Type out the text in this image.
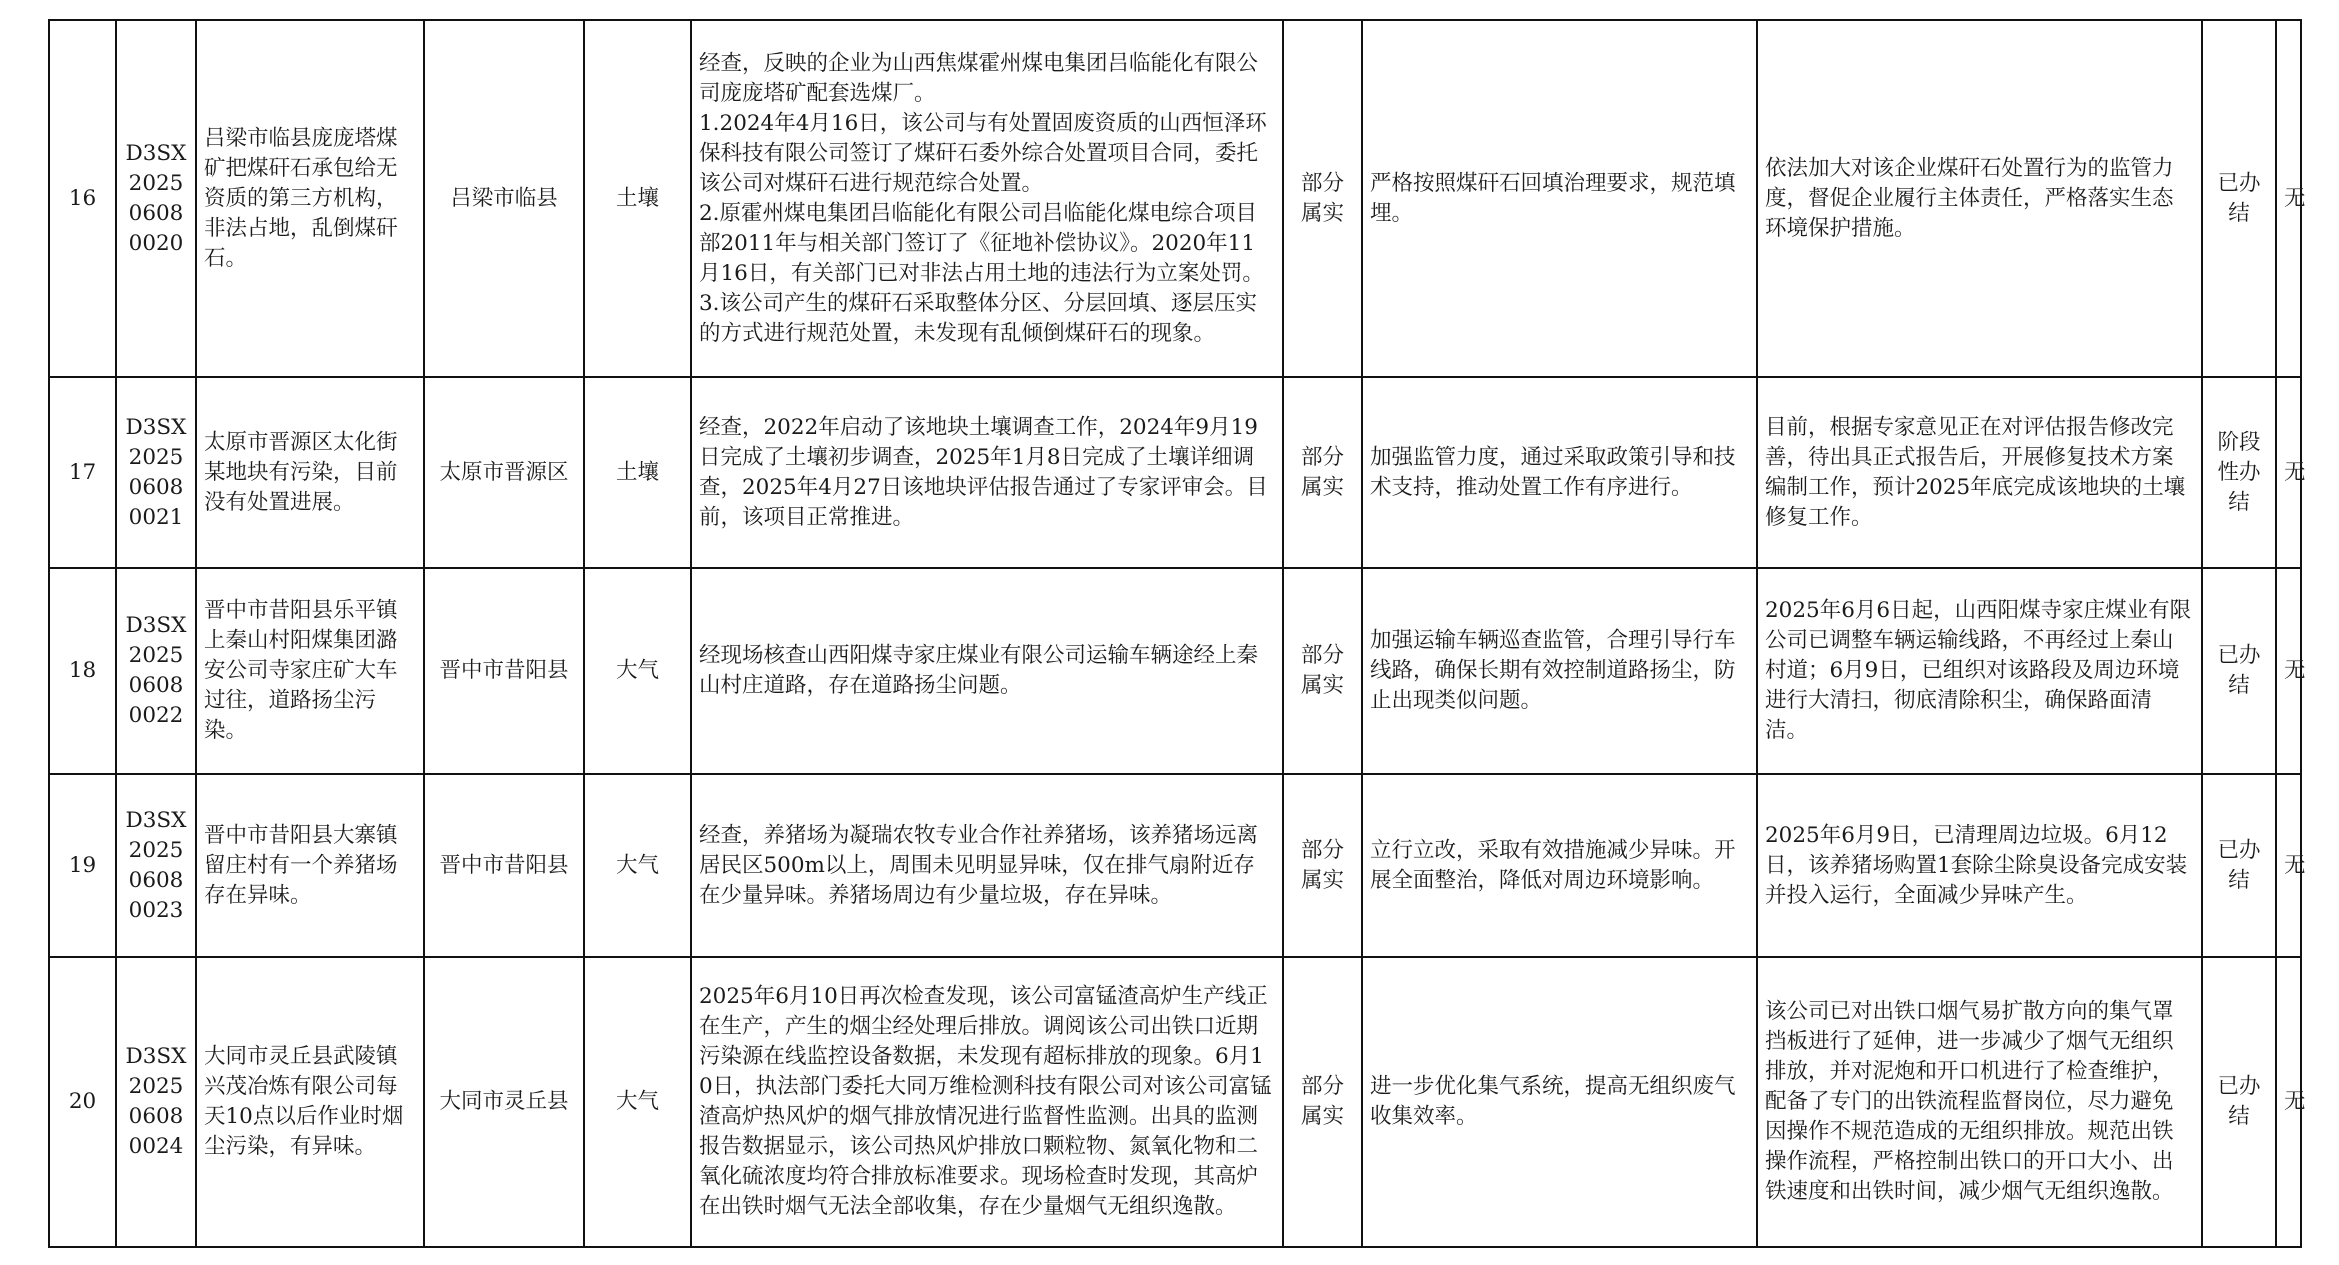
16	D3SX20250608 0020	吕梁市临县庞庞塔煤矿把煤矸石承包给无资质的第三方机构，非法占地，乱倒煤矸石。	吕梁市临县	土壤	经查，反映的企业为山西焦煤霍州煤电集团吕临能化有限公司庞庞塔矿配套选煤厂。
1.2024年4月16日，该公司与有处置固废资质的山西恒泽环保科技有限公司签订了煤矸石委外综合处置项目合同，委托该公司对煤矸石进行规范综合处置。
2.原霍州煤电集团吕临能化有限公司吕临能化煤电综合项目部2011年与相关部门签订了《征地补偿协议》。2020年11月16日，有关部门已对非法占用土地的违法行为立案处罚。
3.该公司产生的煤矸石采取整体分区、分层回填、逐层压实的方式进行规范处置，未发现有乱倾倒煤矸石的现象。	部分属实	严格按照煤矸石回填治理要求，规范填埋。	依法加大对该企业煤矸石处置行为的监管力度，督促企业履行主体责任，严格落实生态环境保护措施。	已办结	无
17	D3SX20250608 0021	太原市晋源区太化街某地块有污染，目前没有处置进展。	太原市晋源区	土壤	经查，2022年启动了该地块土壤调查工作，2024年9月19日完成了土壤初步调查，2025年1月8日完成了土壤详细调查，2025年4月27日该地块评估报告通过了专家评审会。目前，该项目正常推进。	部分属实	加强监管力度，通过采取政策引导和技术支持，推动处置工作有序进行。	目前，根据专家意见正在对评估报告修改完善，待出具正式报告后，开展修复技术方案编制工作，预计2025年底完成该地块的土壤修复工作。	阶段性办结	无
18	D3SX20250608 0022	晋中市昔阳县乐平镇上秦山村阳煤集团潞安公司寺家庄矿大车过往，道路扬尘污染。	晋中市昔阳县	大气	经现场核查山西阳煤寺家庄煤业有限公司运输车辆途经上秦山村庄道路，存在道路扬尘问题。	部分属实	加强运输车辆巡查监管，合理引导行车线路，确保长期有效控制道路扬尘，防止出现类似问题。	2025年6月6日起，山西阳煤寺家庄煤业有限公司已调整车辆运输线路，不再经过上秦山村道；6月9日，已组织对该路段及周边环境进行大清扫，彻底清除积尘，确保路面清洁。	已办结	无
19	D3SX20250608 0023	晋中市昔阳县大寨镇留庄村有一个养猪场存在异味。	晋中市昔阳县	大气	经查，养猪场为凝瑞农牧专业合作社养猪场，该养猪场远离居民区500m以上，周围未见明显异味，仅在排气扇附近存在少量异味。养猪场周边有少量垃圾，存在异味。	部分属实	立行立改，采取有效措施减少异味。开展全面整治，降低对周边环境影响。	2025年6月9日，已清理周边垃圾。6月12日，该养猪场购置1套除尘除臭设备完成安装并投入运行，全面减少异味产生。	已办结	无
20	D3SX20250608 0024	大同市灵丘县武陵镇兴茂冶炼有限公司每天10点以后作业时烟尘污染，有异味。	大同市灵丘县	大气	2025年6月10日再次检查发现，该公司富锰渣高炉生产线正在生产，产生的烟尘经处理后排放。调阅该公司出铁口近期污染源在线监控设备数据，未发现有超标排放的现象。6月10日，执法部门委托大同万维检测科技有限公司对该公司富锰渣高炉热风炉的烟气排放情况进行监督性监测。出具的监测报告数据显示，该公司热风炉排放口颗粒物、氮氧化物和二氧化硫浓度均符合排放标准要求。现场检查时发现，其高炉在出铁时烟气无法全部收集，存在少量烟气无组织逸散。	部分属实	进一步优化集气系统，提高无组织废气收集效率。	该公司已对出铁口烟气易扩散方向的集气罩挡板进行了延伸，进一步减少了烟气无组织排放，并对泥炮和开口机进行了检查维护，配备了专门的出铁流程监督岗位，尽力避免因操作不规范造成的无组织排放。规范出铁操作流程，严格控制出铁口的开口大小、出铁速度和出铁时间，减少烟气无组织逸散。	已办结	无
